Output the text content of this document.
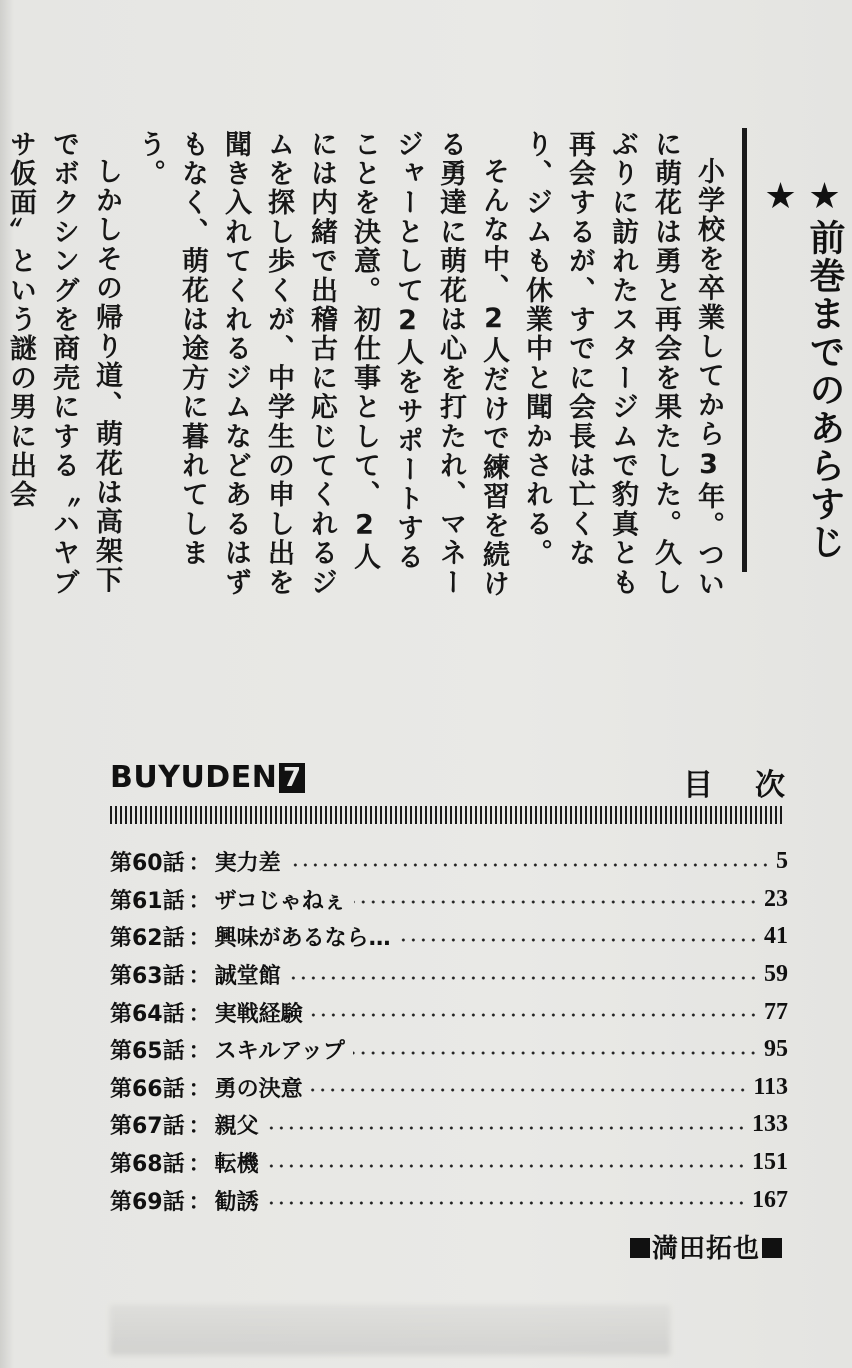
★前巻までのあらすじ★

小学校を卒業してから3年。ついに萌花は勇と再会を果たした。久しぶりに訪れたスタージムで豹真とも再会するが、すでに会長は亡くなり、ジムも休業中と聞かされる。

そんな中、2人だけで練習を続ける勇達に萌花は心を打たれ、マネージャーとして2人をサポートすることを決意。初仕事として、2人には内緒で出稽古に応じてくれるジムを探し歩くが、中学生の申し出を聞き入れてくれるジムなどあるはずもなく、萌花は途方に暮れてしまう。

しかしその帰り道、萌花は高架下でボクシングを商売にする〝ハヤブサ仮面〟という謎の男に出会

BUYUDEN 7	目次
第60話 ： 実力差	5
第61話 ： ザコじゃねぇ	23
第62話 ： 興味があるなら…	41
第63話 ： 誠堂館	59
第64話 ： 実戦経験	77
第65話 ： スキルアップ	95
第66話 ： 勇の決意	113
第67話 ： 親父	133
第68話 ： 転機	151
第69話 ： 勧誘	167
満田拓也
